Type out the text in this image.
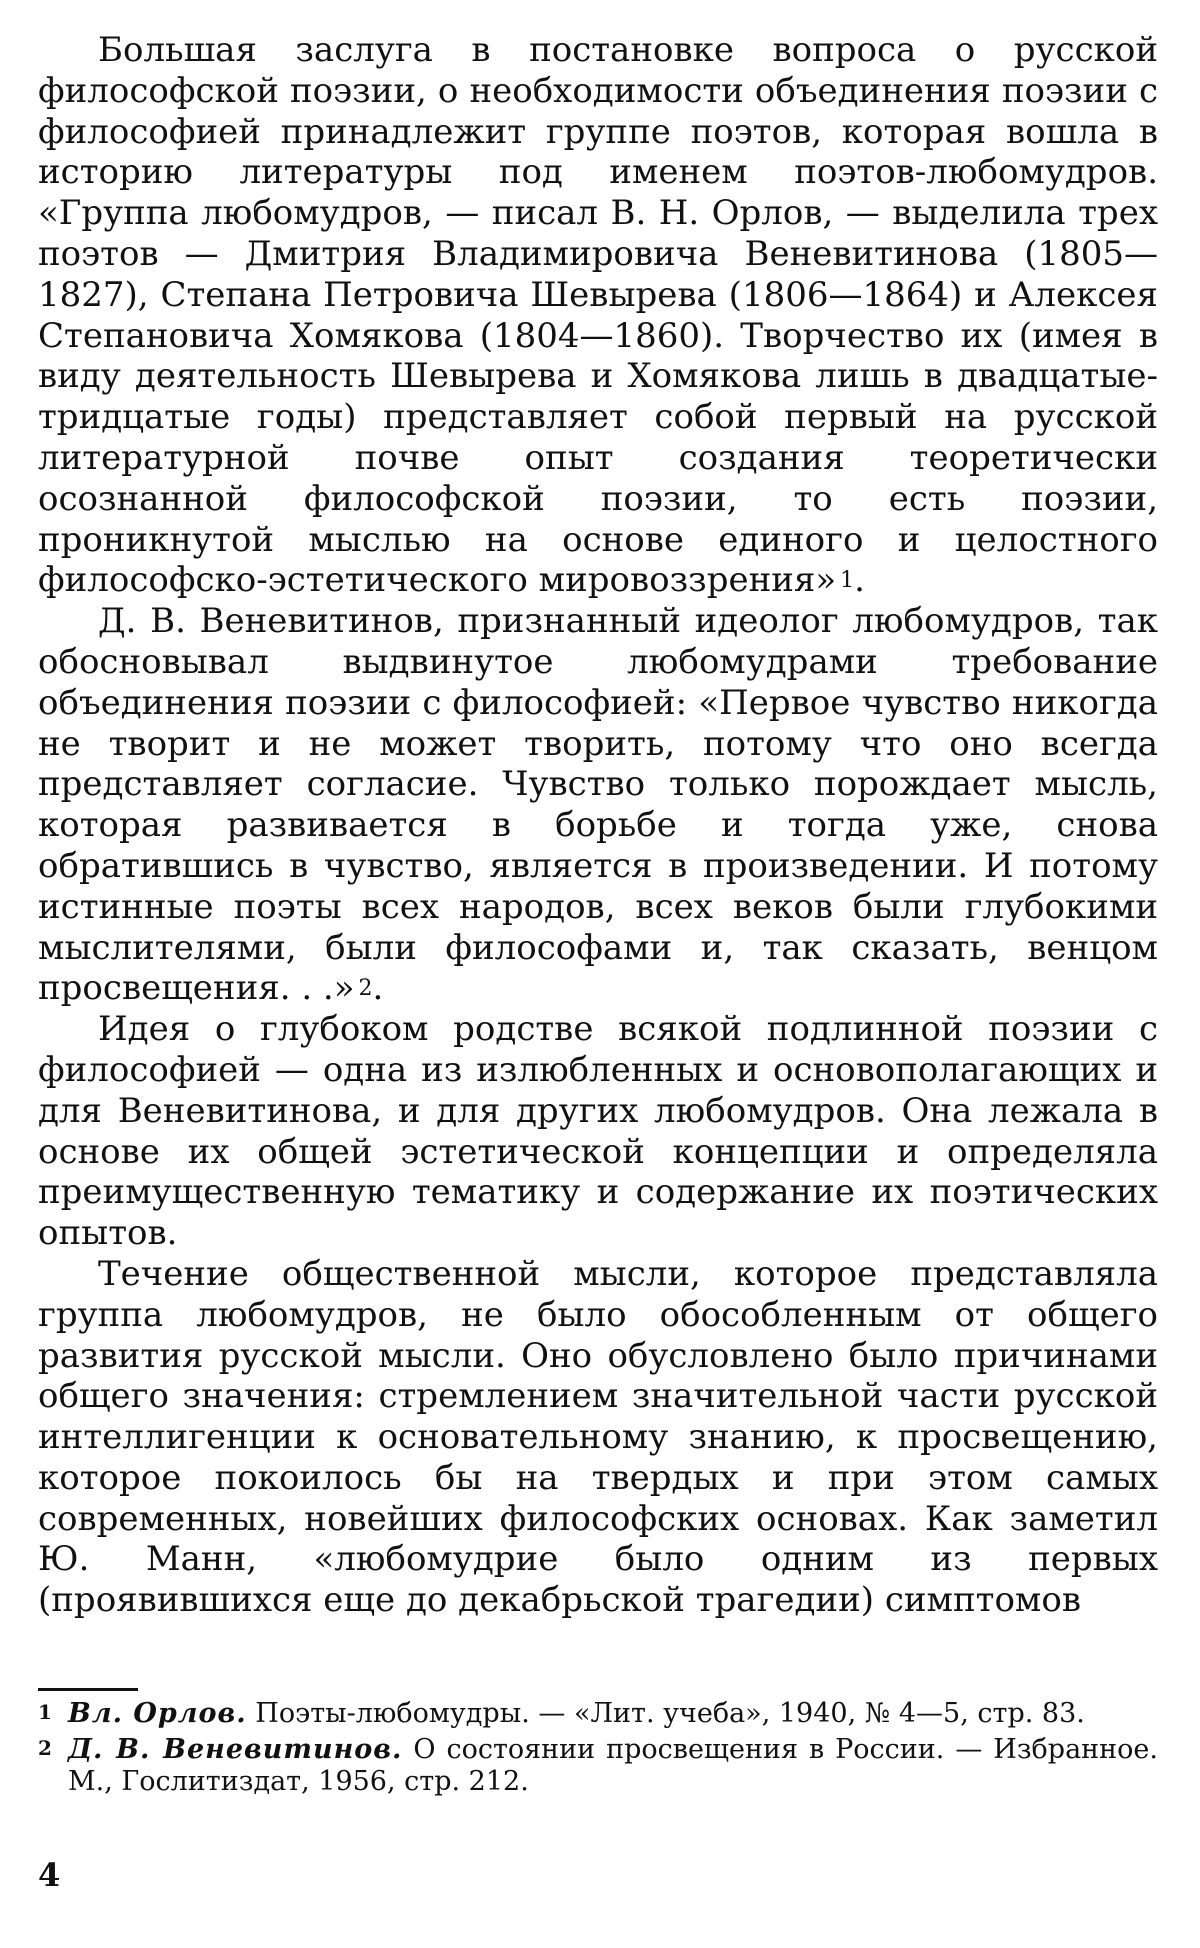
Большая заслуга в постановке вопроса о русской философской поэзии, о необходимости объединения поэзии с философией принадлежит группе поэтов, которая вошла в историю литературы под именем поэтов-любомудров. «Группа любомудров, — писал В. Н. Орлов, — выделила трех поэтов — Дмитрия Владимировича Веневитинова (1805—1827), Степана Петровича Шевырева (1806—1864) и Алексея Степановича Хомякова (1804—1860). Творчество их (имея в виду деятельность Шевырева и Хомякова лишь в двадцатые-тридцатые годы) представляет собой первый на русской литературной почве опыт создания теоретически осознанной философской поэзии, то есть поэзии, проникнутой мыслью на основе единого и целостного философско-эстетического мировоззрения» $^1$.

Д. В. Веневитинов, признанный идеолог любомудров, так обосновывал выдвинутое любомудрами требование объединения поэзии с философией: «Первое чувство никогда не творит и не может творить, потому что оно всегда представляет согласие. Чувство только порождает мысль, которая развивается в борьбе и тогда уже, снова обратившись в чувство, является в произведении. И потому истинные поэты всех народов, всех веков были глубокими мыслителями, были философами и, так сказать, венцом просвещения. . .» $^2$.

Идея о глубоком родстве всякой подлинной поэзии с философией — одна из излюбленных и основополагающих и для Веневитинова, и для других любомудров. Она лежала в основе их общей эстетической концепции и определяла преимущественную тематику и содержание их поэтических опытов.

Течение общественной мысли, которое представляла группа любомудров, не было обособленным от общего развития русской мысли. Оно обусловлено было причинами общего значения: стремлением значительной части русской интеллигенции к основательному знанию, к просвещению, которое покоилось бы на твердых и при этом самых современных, новейших философских основах. Как заметил Ю. Манн, «любомудрие было одним из первых (проявившихся еще до декабрьской трагедии) симптомов

1 Вл. Орлов. Поэты-любомудры. — «Лит. учеба», 1940, № 4—5, стр. 83.

2 Д. В. Веневитинов. О состоянии просвещения в России. — Избранное. М., Гослитиздат, 1956, стр. 212.

4
